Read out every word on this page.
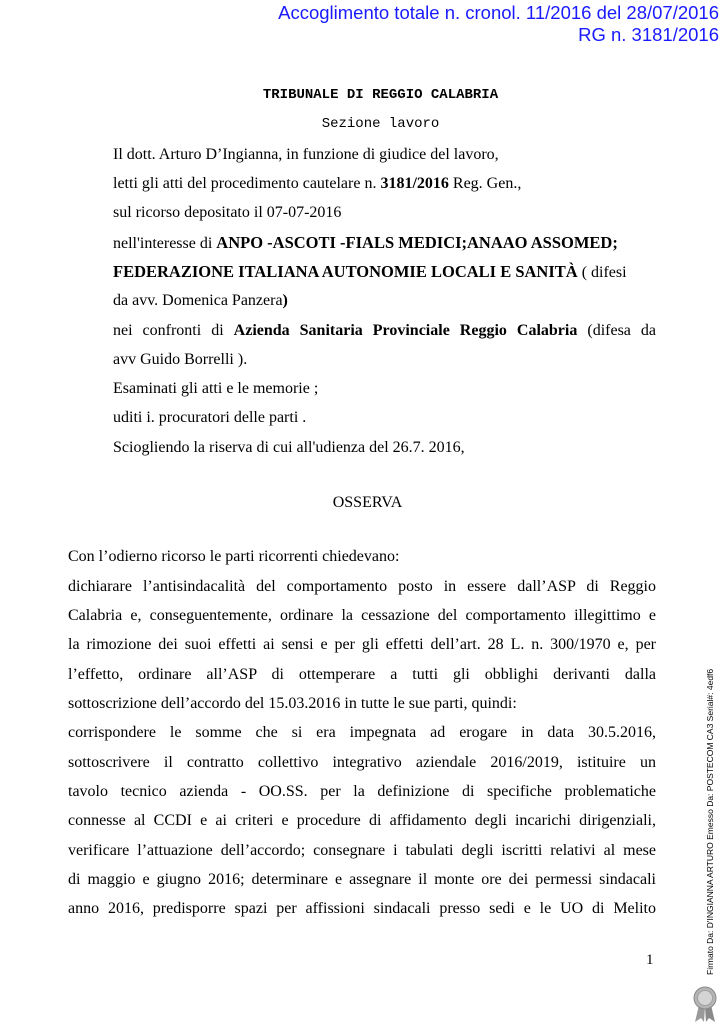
Accoglimento totale n. cronol. 11/2016 del 28/07/2016
RG n. 3181/2016
TRIBUNALE DI REGGIO CALABRIA
Sezione lavoro
Il dott. Arturo D’Ingianna, in funzione di giudice del lavoro,
letti gli atti del procedimento cautelare n. 3181/2016 Reg. Gen.,
sul ricorso depositato il 07-07-2016
nell'interesse di ANPO -ASCOTI -FIALS MEDICI;ANAAO ASSOMED;
FEDERAZIONE ITALIANA AUTONOMIE LOCALI E SANITÀ ( difesi
da avv. Domenica Panzera)
nei confronti di Azienda Sanitaria Provinciale Reggio Calabria (difesa da
avv Guido Borrelli ).
Esaminati gli atti e le memorie ;
uditi i. procuratori delle parti .
Sciogliendo la riserva di cui all'udienza del 26.7. 2016,
OSSERVA
Con l’odierno ricorso le parti ricorrenti chiedevano:
dichiarare l’antisindacalità del comportamento posto in essere dall’ASP di Reggio
Calabria e, conseguentemente, ordinare la cessazione del comportamento illegittimo e
la rimozione dei suoi effetti ai sensi e per gli effetti dell’art. 28 L. n. 300/1970 e, per
l’effetto, ordinare all’ASP di ottemperare a tutti gli obblighi derivanti dalla
sottoscrizione dell’accordo del 15.03.2016 in tutte le sue parti, quindi:
corrispondere le somme che si era impegnata ad erogare in data 30.5.2016,
sottoscrivere il contratto collettivo integrativo aziendale 2016/2019, istituire un
tavolo tecnico azienda - OO.SS. per la definizione di specifiche problematiche
connesse al CCDI e ai criteri e procedure di affidamento degli incarichi dirigenziali,
verificare l’attuazione dell’accordo; consegnare i tabulati degli iscritti relativi al mese
di maggio e giugno 2016; determinare e assegnare il monte ore dei permessi sindacali
anno 2016, predisporre spazi per affissioni sindacali presso sedi e le UO di Melito
1	Firmato Da: D'INGIANNA ARTURO Emesso Da: POSTECOM CA3 Serial#: 4edf6
